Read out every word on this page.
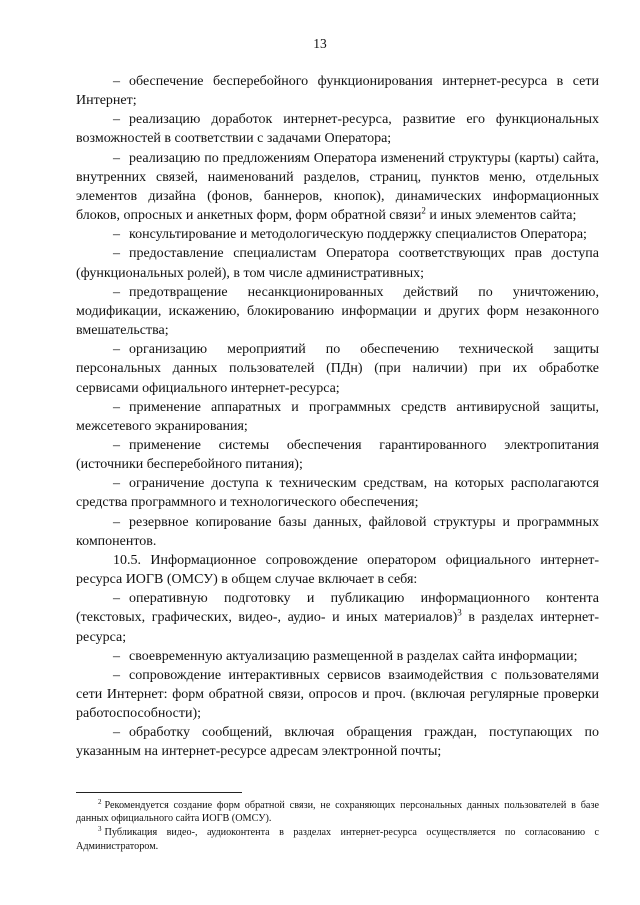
13

– обеспечение бесперебойного функционирования интернет-ресурса в сети Интернет;

– реализацию доработок интернет-ресурса, развитие его функциональных возможностей в соответствии с задачами Оператора;

– реализацию по предложениям Оператора изменений структуры (карты) сайта, внутренних связей, наименований разделов, страниц, пунктов меню, отдельных элементов дизайна (фонов, баннеров, кнопок), динамических информационных блоков, опросных и анкетных форм, форм обратной связи$^2$ и иных элементов сайта;

– консультирование и методологическую поддержку специалистов Оператора;

– предоставление специалистам Оператора соответствующих прав доступа (функциональных ролей), в том числе административных;

– предотвращение несанкционированных действий по уничтожению, модификации, искажению, блокированию информации и других форм незаконного вмешательства;

– организацию мероприятий по обеспечению технической защиты персональных данных пользователей (ПДн) (при наличии) при их обработке сервисами официального интернет-ресурса;

– применение аппаратных и программных средств антивирусной защиты, межсетевого экранирования;

– применение системы обеспечения гарантированного электропитания (источники бесперебойного питания);

– ограничение доступа к техническим средствам, на которых располагаются средства программного и технологического обеспечения;

– резервное копирование базы данных, файловой структуры и программных компонентов.

10.5. Информационное сопровождение оператором официального интернет-ресурса ИОГВ (ОМСУ) в общем случае включает в себя:

– оперативную подготовку и публикацию информационного контента (текстовых, графических, видео-, аудио- и иных материалов)$^3$ в разделах интернет-ресурса;

– своевременную актуализацию размещенной в разделах сайта информации;

– сопровождение интерактивных сервисов взаимодействия с пользователями сети Интернет: форм обратной связи, опросов и проч. (включая регулярные проверки работоспособности);

– обработку сообщений, включая обращения граждан, поступающих по указанным на интернет-ресурсе адресам электронной почты;

$^2$ Рекомендуется создание форм обратной связи, не сохраняющих персональных данных пользователей в базе данных официального сайта ИОГВ (ОМСУ).

$^3$ Публикация видео-, аудиоконтента в разделах интернет-ресурса осуществляется по согласованию с Администратором.
